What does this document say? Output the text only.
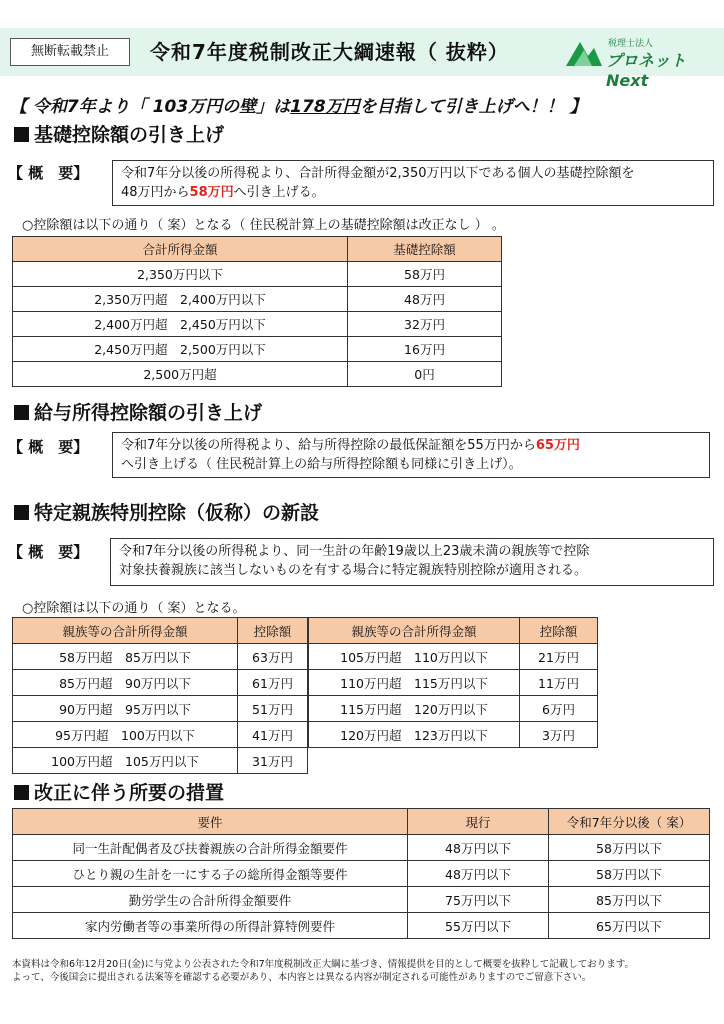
無断転載禁止	令和7年度税制改正大綱速報（ 抜粋）	税理士法人
プロネット Next
【 令和7年より「 103万円の壁」は178万円を目指して引き上げへ！！ 】
基礎控除額の引き上げ
【 概　要】	令和7年分以後の所得税より、合計所得金額が2,350万円以下である個人の基礎控除額を
48万円から58万円へ引き上げる。
○控除額は以下の通り（ 案）となる（ 住民税計算上の基礎控除額は改正なし ） 。
合計所得金額	基礎控除額
2,350万円以下	58万円
2,350万円超　2,400万円以下	48万円
2,400万円超　2,450万円以下	32万円
2,450万円超　2,500万円以下	16万円
2,500万円超	0円
給与所得控除額の引き上げ
【 概　要】	令和7年分以後の所得税より、給与所得控除の最低保証額を55万円から65万円
へ引き上げる（ 住民税計算上の給与所得控除額も同様に引き上げ）。
特定親族特別控除（仮称）の新設
【 概　要】 令和7年分以後の所得税より、同一生計の年齢19歳以上23歳未満の親族等で控除
対象扶養親族に該当しないものを有する場合に特定親族特別控除が適用される。
○控除額は以下の通り（ 案）となる。
親族等の合計所得金額	控除額
58万円超　85万円以下	63万円
85万円超　90万円以下	61万円
90万円超　95万円以下	51万円
95万円超　100万円以下	41万円
100万円超　105万円以下	31万円
親族等の合計所得金額	控除額
105万円超　110万円以下	21万円
110万円超　115万円以下	11万円
115万円超　120万円以下	6万円
120万円超　123万円以下	3万円
改正に伴う所要の措置
要件	現行	令和7年分以後（ 案）
同一生計配偶者及び扶養親族の合計所得金額要件	48万円以下	58万円以下
ひとり親の生計を一にする子の総所得金額等要件	48万円以下	58万円以下
勤労学生の合計所得金額要件	75万円以下	85万円以下
家内労働者等の事業所得の所得計算特例要件	55万円以下	65万円以下
本資料は令和6年12月20日(金)に与党より公表された令和7年度税制改正大綱に基づき、情報提供を目的として概要を抜粋して記載しております。
よって、今後国会に提出される法案等を確認する必要があり、本内容とは異なる内容が制定される可能性がありますのでご留意下さい。
